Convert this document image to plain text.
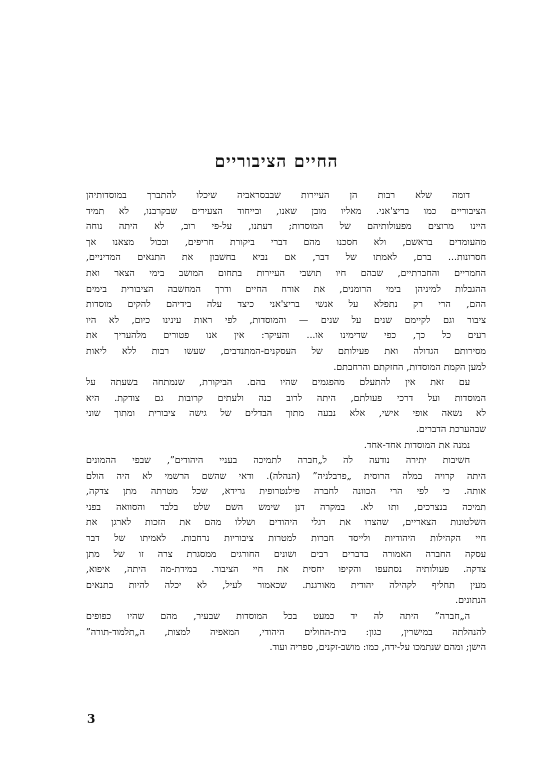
החיים הציבוריים
דומה שלא רבות הן העיירות שבבסראביה שיכלו להתברך במוסדותיהן
הציבוריים כמו בריצ'אני. מאליו מובן שאנו, ובייחוד הצעירים שבקרבנו, לא תמיד
היינו מרוצים מפעולותיהם של המוסדות; דעתנו, על-פי רוב, לא היתה נוחה
מהעומדים בראשם, ולא חסכנו מהם דברי ביקורת חריפים, ובכול מצאנו אך
חסרונות... ברם, לאמתו של דבר, אם נביא בחשבון את התנאים המדיניים,
החמריים והחברתיים, שבהם חיו תושבי העיירות בתחום המושב בימי הצאר ואת
ההגבלות למיניהן בימי הרומנים, את אורח החיים ודרך המחשבה הציבורית בימים
ההם, הרי רק נתפלא על אנשי בריצ'אני כיצד עלה בידיהם להקים מוסדות
ציבור וגם לקיימם שנים על שנים — והמוסדות, לפי ראות עינינו כיום, לא היו
רעים כל כך, כפי שדימינו או... והעיקר: אין אנו פטורים מלהעריך את
מסירותם הגדולה ואת פעילותם של העסקנים-המתנדבים, שעשו רבות ללא ליאות
למען הקמת המוסדות, החזקתם והרחבתם.
עם זאת אין להתעלם מהפגמים שהיו בהם. הביקורת, שנמתחה בשעתה על
המוסדות ועל דרכי פעולתם, היתה לרוב כנה ולעתים קרובות גם צודקת. היא
לא נשאה אופי אישי, אלא נבעה מתוך הבדלים של גישה ציבורית ומתוך שוני
שבהערכת הדברים.
נמנה את המוסדות אחד-אחד.
חשיבות יתירה נודעה לה ל„חברה לתמיכה בעניי היהודים”, שבפי ההמונים
היתה קרויה במלה הרוסית „פרבלניה” (הנהלה). ודאי שהשם הרשמי לא היה הולם
אותה. כי לפי הרי הכוונה לחברה פילנטרופית גרידא, שכל מטרתה מתן צדקה,
תמיכה בנצרכים, ותו לא. במקרה דנן שימש השם שלט בלבד והסוואה בפני
השלטונות הצאריים, שהצרו את רגלי היהודים ושללו מהם את הזכות לארגן את
חיי הקהילות היהודיות ולייסד חברות למטרות ציבוריות נרחבות. לאמיתו של דבר
עסקה החברה האמורה בדברים רבים ושונים החורגים ממסגרת צרה זו של מתן
צדקה. פעולותיה נסתעפו והקיפו יחסית את חיי הציבור. במידת-מה היתה, איפוא,
מעין תחליף לקהילה יהודית מאורגנת. שכאמור לעיל, לא יכלה להיות בתנאים
הנתונים.
ה„חברה” היתה לה יד כמעט בכל המוסדות שבעיר, מהם שהיו כפופים
להנהלתה במישרין, כגון: בית-החולים היהודי, המאפיה למצות, ה„תלמוד-תורה”
הישן; ומהם שנתמכו על-ידה, כמו: מושב-זקנים, ספריה ועוד.
3
